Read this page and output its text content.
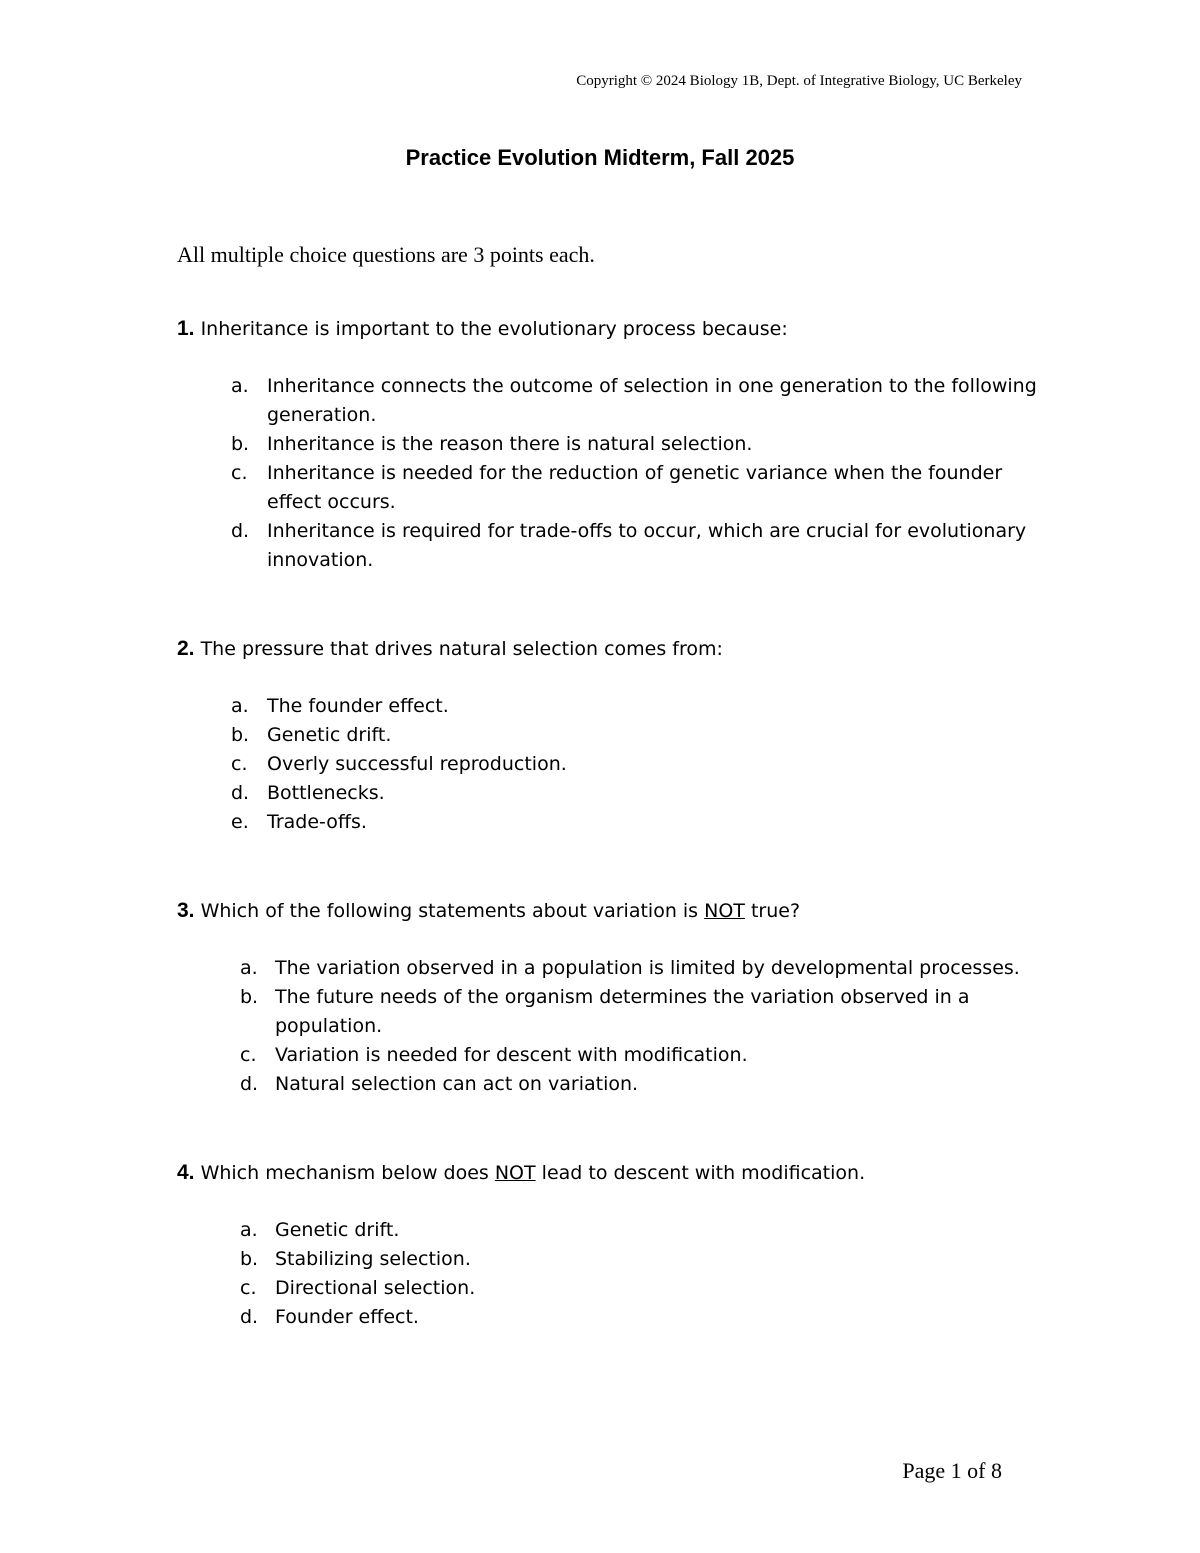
Copyright © 2024 Biology 1B, Dept. of Integrative Biology, UC Berkeley
Practice Evolution Midterm, Fall 2025
All multiple choice questions are 3 points each.
1. Inheritance is important to the evolutionary process because:
a. Inheritance connects the outcome of selection in one generation to the following generation.
b. Inheritance is the reason there is natural selection.
c. Inheritance is needed for the reduction of genetic variance when the founder effect occurs.
d. Inheritance is required for trade-offs to occur, which are crucial for evolutionary innovation.
2. The pressure that drives natural selection comes from:
a. The founder effect.
b. Genetic drift.
c. Overly successful reproduction.
d. Bottlenecks.
e. Trade-offs.
3. Which of the following statements about variation is NOT true?
a. The variation observed in a population is limited by developmental processes.
b. The future needs of the organism determines the variation observed in a population.
c. Variation is needed for descent with modification.
d. Natural selection can act on variation.
4. Which mechanism below does NOT lead to descent with modification.
a. Genetic drift.
b. Stabilizing selection.
c. Directional selection.
d. Founder effect.
Page 1 of 8
